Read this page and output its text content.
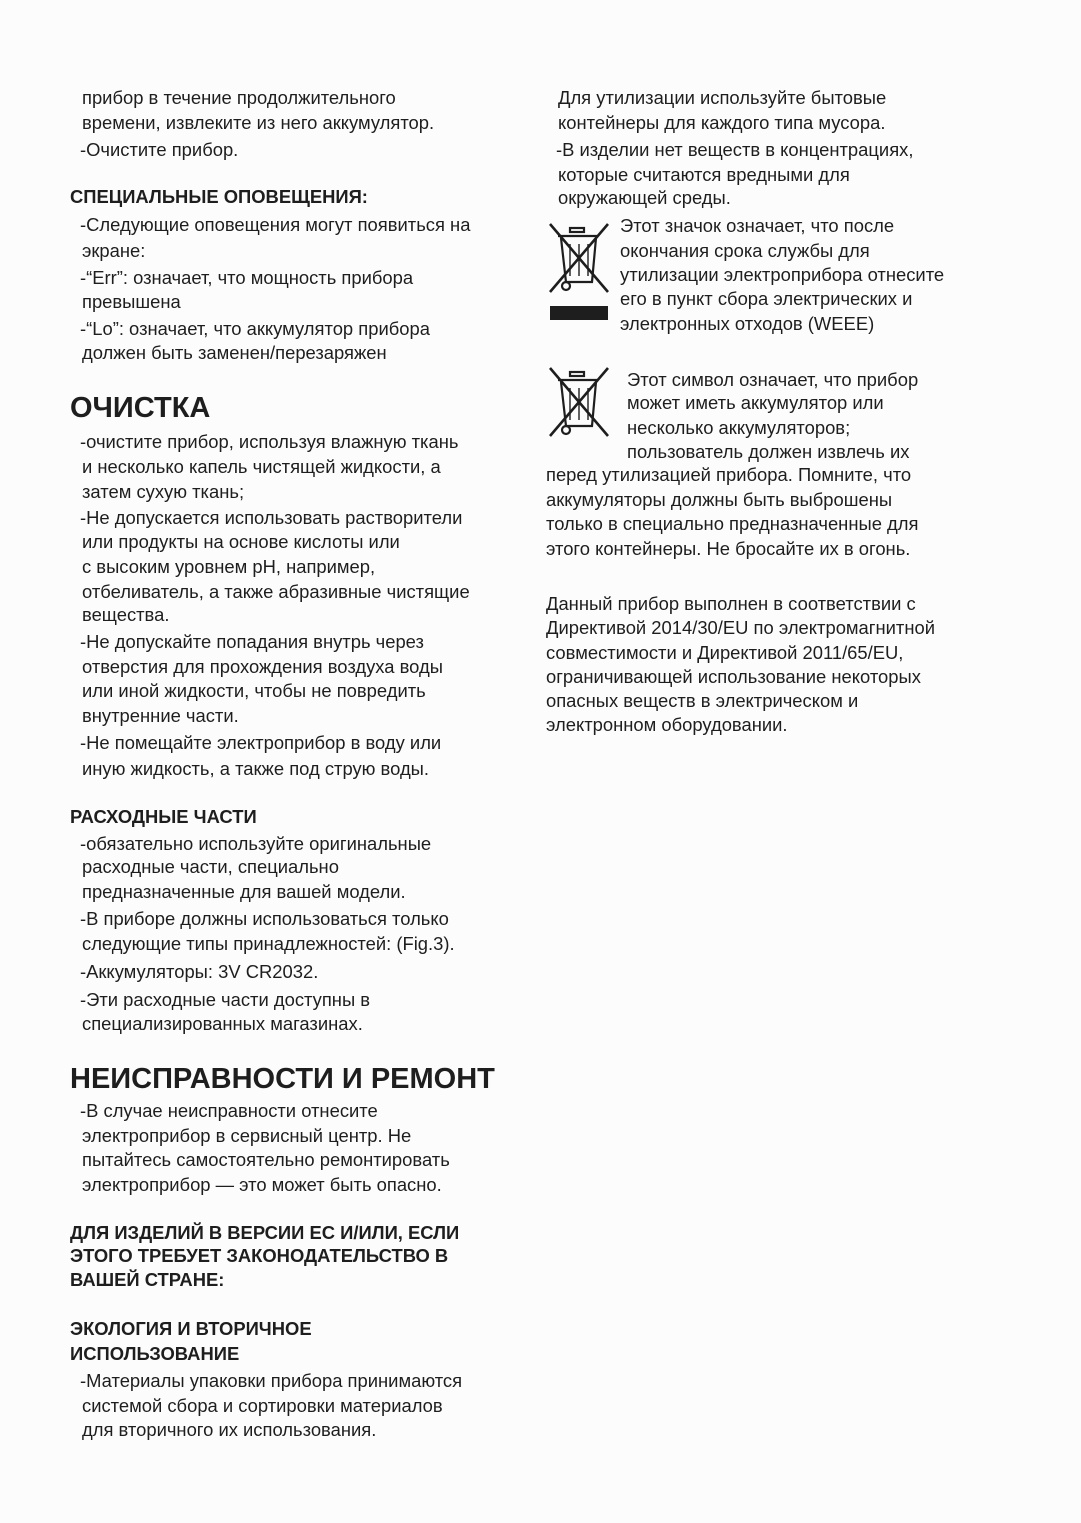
прибор в течение продолжительного

времени, извлеките из него аккумулятор.

-Очистите прибор.

СПЕЦИАЛЬНЫЕ ОПОВЕЩЕНИЯ:

-Следующие оповещения могут появиться на

экране:

-“Err”: означает, что мощность прибора

превышена

-“Lo”: означает, что аккумулятор прибора

должен быть заменен/перезаряжен

ОЧИСТКА

-очистите прибор, используя влажную ткань

и несколько капель чистящей жидкости, а

затем сухую ткань;

-Не допускается использовать растворители

или продукты на основе кислоты или

с высоким уровнем pH, например,

отбеливатель, а также абразивные чистящие

вещества.

-Не допускайте попадания внутрь через

отверстия для прохождения воздуха воды

или иной жидкости, чтобы не повредить

внутренние части.

-Не помещайте электроприбор в воду или

иную жидкость, а также под струю воды.

РАСХОДНЫЕ ЧАСТИ

-обязательно используйте оригинальные

расходные части, специально

предназначенные для вашей модели.

-В приборе должны использоваться только

следующие типы принадлежностей: (Fig.3).

-Аккумуляторы: 3V CR2032.

-Эти расходные части доступны в

специализированных магазинах.

НЕИСПРАВНОСТИ И РЕМОНТ

-В случае неисправности отнесите

электроприбор в сервисный центр. Не

пытайтесь самостоятельно ремонтировать

электроприбор — это может быть опасно.

ДЛЯ ИЗДЕЛИЙ В ВЕРСИИ ЕС И/ИЛИ, ЕСЛИ

ЭТОГО ТРЕБУЕТ ЗАКОНОДАТЕЛЬСТВО В

ВАШЕЙ СТРАНЕ:

ЭКОЛОГИЯ И ВТОРИЧНОЕ

ИСПОЛЬЗОВАНИЕ

-Материалы упаковки прибора принимаются

системой сбора и сортировки материалов

для вторичного их использования.

Для утилизации используйте бытовые

контейнеры для каждого типа мусора.

-В изделии нет веществ в концентрациях,

которые считаются вредными для

окружающей среды.

Этот значок означает, что после

окончания срока службы для

утилизации электроприбора отнесите

его в пункт сбора электрических и

электронных отходов (WEEE)

Этот символ означает, что прибор

может иметь аккумулятор или

несколько аккумуляторов;

пользователь должен извлечь их

перед утилизацией прибора. Помните, что

аккумуляторы должны быть выброшены

только в специально предназначенные для

этого контейнеры. Не бросайте их в огонь.

Данный прибор выполнен в соответствии с

Директивой 2014/30/EU по электромагнитной

совместимости и Директивой 2011/65/EU,

ограничивающей использование некоторых

опасных веществ в электрическом и

электронном оборудовании.
